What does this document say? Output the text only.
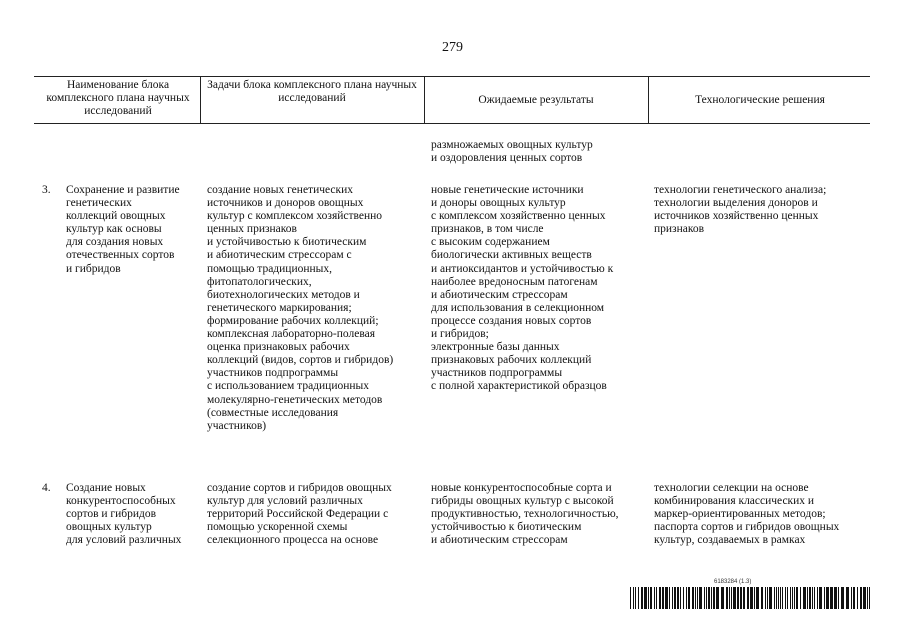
279
Наименование блока комплексного плана научных исследований
Задачи блока комплексного плана научных исследований	Ожидаемые результаты	Технологические решения
размножаемых овощных культур
и оздоровления ценных сортов
3. Сохранение и развитие
генетических
коллекций овощных
культур как основы
для создания новых
отечественных сортов
и гибридов
создание новых генетических
источников и доноров овощных
культур с комплексом хозяйственно
ценных признаков
и устойчивостью к биотическим
и абиотическим стрессорам с
помощью традиционных,
фитопатологических,
биотехнологических методов и
генетического маркирования;
формирование рабочих коллекций;
комплексная лабораторно-полевая
оценка признаковых рабочих
коллекций (видов, сортов и гибридов)
участников подпрограммы
с использованием традиционных
молекулярно-генетических методов
(совместные исследования
участников)
новые генетические источники
и доноры овощных культур
с комплексом хозяйственно ценных
признаков, в том числе
с высоким содержанием
биологически активных веществ
и антиоксидантов и устойчивостью к
наиболее вредоносным патогенам
и абиотическим стрессорам
для использования в селекционном
процессе создания новых сортов
и гибридов;
электронные базы данных
признаковых рабочих коллекций
участников подпрограммы
с полной характеристикой образцов
технологии генетического анализа;
технологии выделения доноров и
источников хозяйственно ценных
признаков
4. Создание новых
конкурентоспособных
сортов и гибридов
овощных культур
для условий различных
создание сортов и гибридов овощных
культур для условий различных
территорий Российской Федерации с
помощью ускоренной схемы
селекционного процесса на основе
новые конкурентоспособные сорта и
гибриды овощных культур с высокой
продуктивностью, технологичностью,
устойчивостью к биотическим
и абиотическим стрессорам
технологии селекции на основе
комбинирования классических и
маркер-ориентированных методов;
паспорта сортов и гибридов овощных
культур, создаваемых в рамках
6183284 (1.3)
